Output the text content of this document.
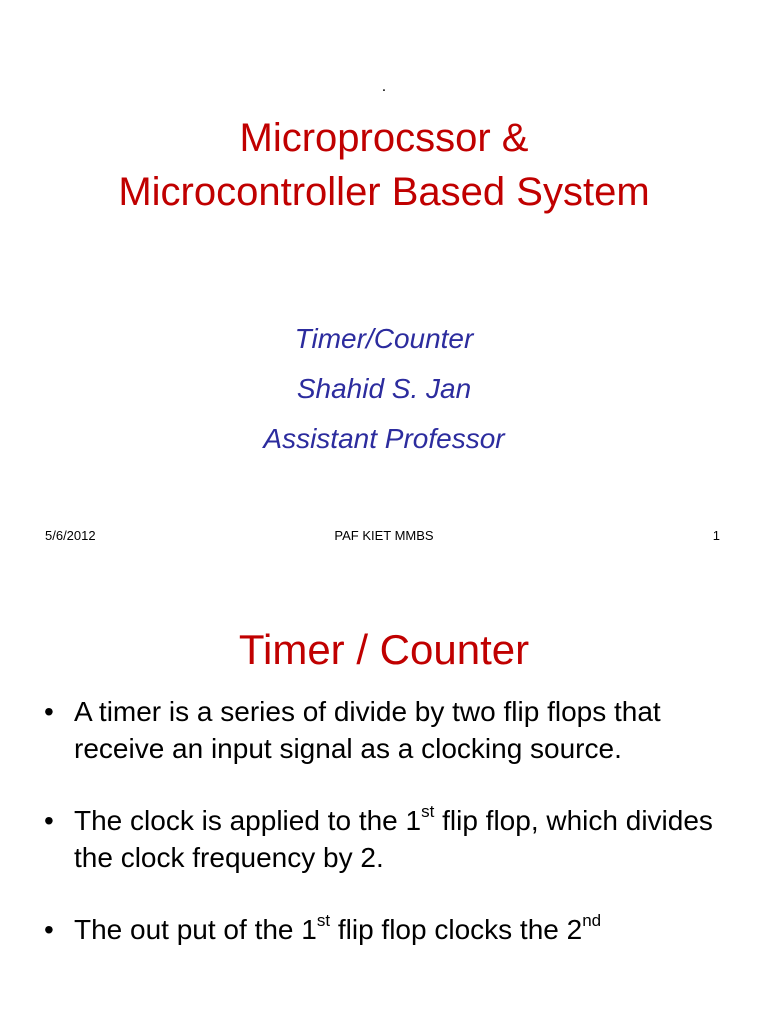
.
Microprocssor &
Microcontroller Based System
Timer/Counter
Shahid S. Jan
Assistant Professor
5/6/2012	PAF KIET MMBS	1
Timer / Counter
• A timer is a series of divide by two flip flops that receive an input signal as a clocking source.
• The clock is applied to the 1st flip flop, which divides the clock frequency by 2.
• The out put of the 1st flip flop clocks the 2nd
